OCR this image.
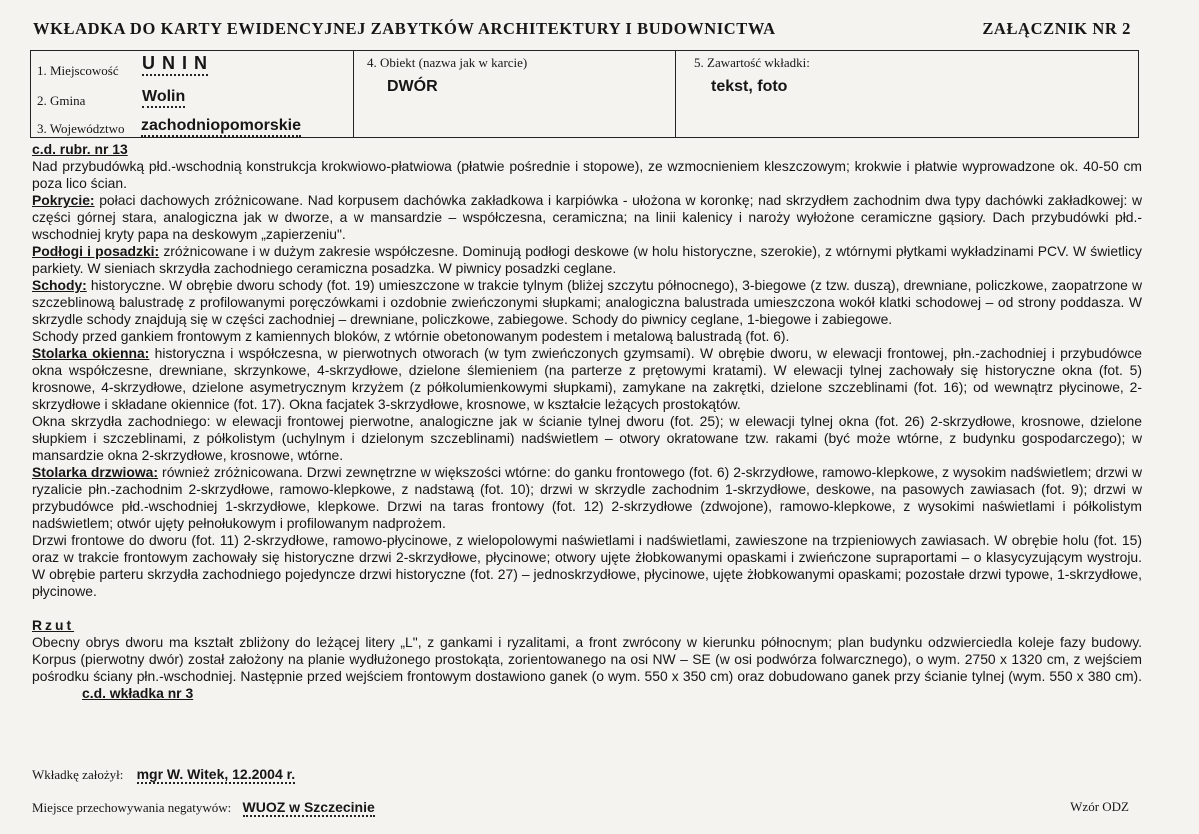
WKŁADKA DO KARTY EWIDENCYJNEJ ZABYTKÓW ARCHITEKTURY I BUDOWNICTWA	ZAŁĄCZNIK NR 2
1. Miejscowość U N I N
2. Gmina	Wolin
3. Województwo zachodniopomorskie
4. Obiekt (nazwa jak w karcie)
DWÓR
5. Zawartość wkładki:
tekst, foto

c.d. rubr. nr 13

Nad przybudówką płd.-wschodnią konstrukcja krokwiowo-płatwiowa (płatwie pośrednie i stopowe), ze wzmocnieniem kleszczowym; krokwie i płatwie wyprowadzone ok. 40-50 cm poza lico ścian.

Pokrycie: połaci dachowych zróżnicowane. Nad korpusem dachówka zakładkowa i karpiówka - ułożona w koronkę; nad skrzydłem zachodnim dwa typy dachówki zakładkowej: w części górnej stara, analogiczna jak w dworze, a w mansardzie – współczesna, ceramiczna; na linii kalenicy i naroży wyłożone ceramiczne gąsiory. Dach przybudówki płd.-wschodniej kryty papa na deskowym „zapierzeniu".

Podłogi i posadzki: zróżnicowane i w dużym zakresie współczesne. Dominują podłogi deskowe (w holu historyczne, szerokie), z wtórnymi płytkami wykładzinami PCV. W świetlicy parkiety. W sieniach skrzydła zachodniego ceramiczna posadzka. W piwnicy posadzki ceglane.

Schody: historyczne. W obrębie dworu schody (fot. 19) umieszczone w trakcie tylnym (bliżej szczytu północnego), 3-biegowe (z tzw. duszą), drewniane, policzkowe, zaopatrzone w szczeblinową balustradę z profilowanymi poręczówkami i ozdobnie zwieńczonymi słupkami; analogiczna balustrada umieszczona wokół klatki schodowej – od strony poddasza. W skrzydle schody znajdują się w części zachodniej – drewniane, policzkowe, zabiegowe. Schody do piwnicy ceglane, 1-biegowe i zabiegowe.

Schody przed gankiem frontowym z kamiennych bloków, z wtórnie obetonowanym podestem i metalową balustradą (fot. 6).

Stolarka okienna: historyczna i współczesna, w pierwotnych otworach (w tym zwieńczonych gzymsami). W obrębie dworu, w elewacji frontowej, płn.-zachodniej i przybudówce okna współczesne, drewniane, skrzynkowe, 4-skrzydłowe, dzielone ślemieniem (na parterze z prętowymi kratami). W elewacji tylnej zachowały się historyczne okna (fot. 5) krosnowe, 4-skrzydłowe, dzielone asymetrycznym krzyżem (z półkolumienkowymi słupkami), zamykane na zakrętki, dzielone szczeblinami (fot. 16); od wewnątrz płycinowe, 2-skrzydłowe i składane okiennice (fot. 17). Okna facjatek 3-skrzydłowe, krosnowe, w kształcie leżących prostokątów.

Okna skrzydła zachodniego: w elewacji frontowej pierwotne, analogiczne jak w ścianie tylnej dworu (fot. 25); w elewacji tylnej okna (fot. 26) 2-skrzydłowe, krosnowe, dzielone słupkiem i szczeblinami, z półkolistym (uchylnym i dzielonym szczeblinami) nadświetlem – otwory okratowane tzw. rakami (być może wtórne, z budynku gospodarczego); w mansardzie okna 2-skrzydłowe, krosnowe, wtórne.

Stolarka drzwiowa: również zróżnicowana. Drzwi zewnętrzne w większości wtórne: do ganku frontowego (fot. 6) 2-skrzydłowe, ramowo-klepkowe, z wysokim nadświetlem; drzwi w ryzalicie płn.-zachodnim 2-skrzydłowe, ramowo-klepkowe, z nadstawą (fot. 10); drzwi w skrzydle zachodnim 1-skrzydłowe, deskowe, na pasowych zawiasach (fot. 9); drzwi w przybudówce płd.-wschodniej 1-skrzydłowe, klepkowe. Drzwi na taras frontowy (fot. 12) 2-skrzydłowe (zdwojone), ramowo-klepkowe, z wysokimi naświetlami i półkolistym nadświetlem; otwór ujęty pełnołukowym i profilowanym nadprożem.

Drzwi frontowe do dworu (fot. 11) 2-skrzydłowe, ramowo-płycinowe, z wielopolowymi naświetlami i nadświetlami, zawieszone na trzpieniowych zawiasach. W obrębie holu (fot. 15) oraz w trakcie frontowym zachowały się historyczne drzwi 2-skrzydłowe, płycinowe; otwory ujęte żłobkowanymi opaskami i zwieńczone supraportami – o klasycyzującym wystroju. W obrębie parteru skrzydła zachodniego pojedyncze drzwi historyczne (fot. 27) – jednoskrzydłowe, płycinowe, ujęte żłobkowanymi opaskami; pozostałe drzwi typowe, 1-skrzydłowe, płycinowe.

Rzut

Obecny obrys dworu ma kształt zbliżony do leżącej litery „L", z gankami i ryzalitami, a front zwrócony w kierunku północnym; plan budynku odzwierciedla koleje fazy budowy. Korpus (pierwotny dwór) został założony na planie wydłużonego prostokąta, zorientowanego na osi NW – SE (w osi podwórza folwarcznego), o wym. 2750 x 1320 cm, z wejściem pośrodku ściany płn.-wschodniej. Następnie przed wejściem frontowym dostawiono ganek (o wym. 550 x 350 cm) oraz dobudowano ganek przy ścianie tylnej (wym. 550 x 380 cm).c.d. wkładka nr 3

Wkładkę założył: mgr W. Witek, 12.2004 r.
Miejsce przechowywania negatywów: WUOZ w Szczecinie	Wzór ODZ
